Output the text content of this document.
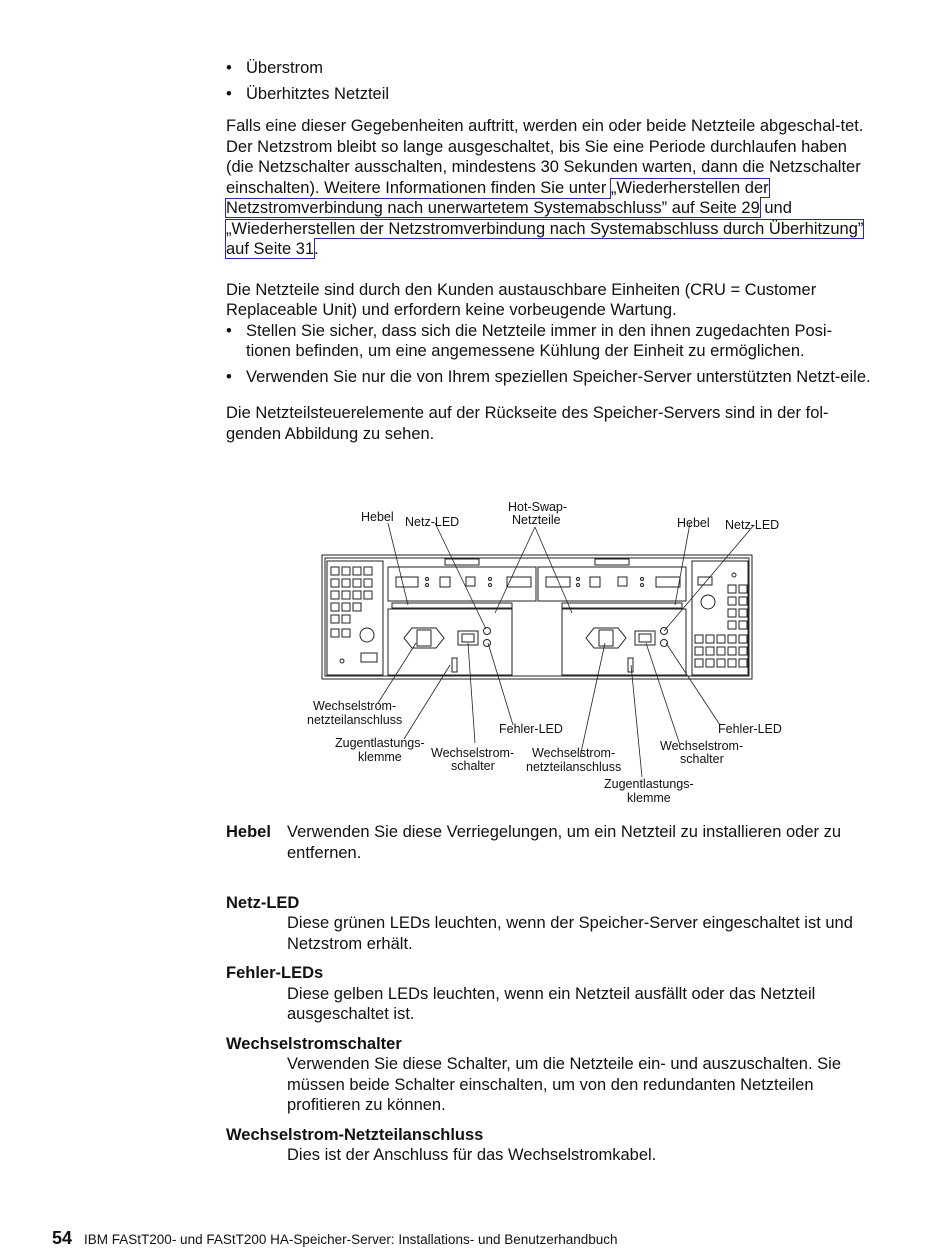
• Überstrom
• Überhitztes Netzteil

Falls eine dieser Gegebenheiten auftritt, werden ein oder beide Netzteile abgeschal-tet. Der Netzstrom bleibt so lange ausgeschaltet, bis Sie eine Periode durchlaufen haben (die Netzschalter ausschalten, mindestens 30 Sekunden warten, dann die Netzschalter einschalten). Weitere Informationen finden Sie unter „Wiederherstellen der Netzstromverbindung nach unerwartetem Systemabschluss” auf Seite 29 und „Wiederherstellen der Netzstromverbindung nach Systemabschluss durch Überhitzung” auf Seite 31.

Die Netzteile sind durch den Kunden austauschbare Einheiten (CRU = Customer Replaceable Unit) und erfordern keine vorbeugende Wartung.

• Stellen Sie sicher, dass sich die Netzteile immer in den ihnen zugedachten Posi-tionen befinden, um eine angemessene Kühlung der Einheit zu ermöglichen.
• Verwenden Sie nur die von Ihrem speziellen Speicher-Server unterstützten Netzt-eile.

Die Netzteilsteuerelemente auf der Rückseite des Speicher-Servers sind in der fol-genden Abbildung zu sehen.

Hebel Netz-LED
Hot-Swap-
Netzteile	Hebel Netz-LED
Wechselstrom-
netzteilanschluss
Zugentlastungs-
klemme Wechselstrom-
schalter
Fehler-LED
Wechselstrom-
netzteilanschluss
Zugentlastungs-
klemme
Wechselstrom-
schalter
Fehler-LED
Hebel Verwenden Sie diese Verriegelungen, um ein Netzteil zu installieren oder zu entfernen.
Netz-LED
Diese grünen LEDs leuchten, wenn der Speicher-Server eingeschaltet ist und Netzstrom erhält.
Fehler-LEDs
Diese gelben LEDs leuchten, wenn ein Netzteil ausfällt oder das Netzteil ausgeschaltet ist.
Wechselstromschalter
Verwenden Sie diese Schalter, um die Netzteile ein- und auszuschalten. Sie müssen beide Schalter einschalten, um von den redundanten Netzteilen profitieren zu können.
Wechselstrom-Netzteilanschluss
Dies ist der Anschluss für das Wechselstromkabel.
54 IBM FAStT200- und FAStT200 HA-Speicher-Server: Installations- und Benutzerhandbuch
